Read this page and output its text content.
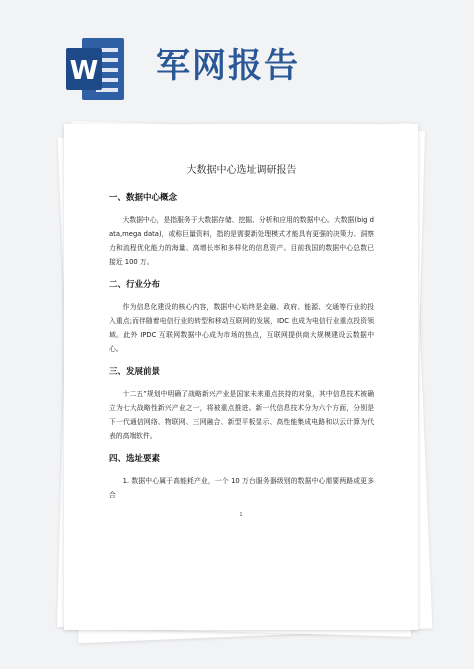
W 军网报告
大数据中心选址调研报告
一、数据中心概念

大数据中心，是指服务于大数据存储、挖掘、分析和应用的数据中心。大数据(big data,mega data)，或称巨量资料，指的是需要新处理模式才能具有更强的决策力、洞察力和流程优化能力的海量、高增长率和多样化的信息资产。目前我国的数据中心总数已接近 100 万。

二、行业分布

作为信息化建设的核心内容，数据中心始终是金融、政府、能源、交通等行业的投入重点;而伴随着电信行业的转型和移动互联网的发展，IDC 也成为电信行业重点投资领域。此外 IPDC 互联网数据中心成为市场的热点，互联网提供商大规模建设云数据中心。

三、发展前景

十二五”规划中明确了战略新兴产业是国家未来重点扶持的对象，其中信息技术被确立为七大战略性新兴产业之一，将被重点推进。新一代信息技术分为六个方面，分别是下一代通信网络、物联网、三网融合、新型平板显示、高性能集成电路和以云计算为代表的高端软件。

四、选址要素

1. 数据中心属于高能耗产业，一个 10 万台服务器级别的数据中心需要两路或更多合

1
